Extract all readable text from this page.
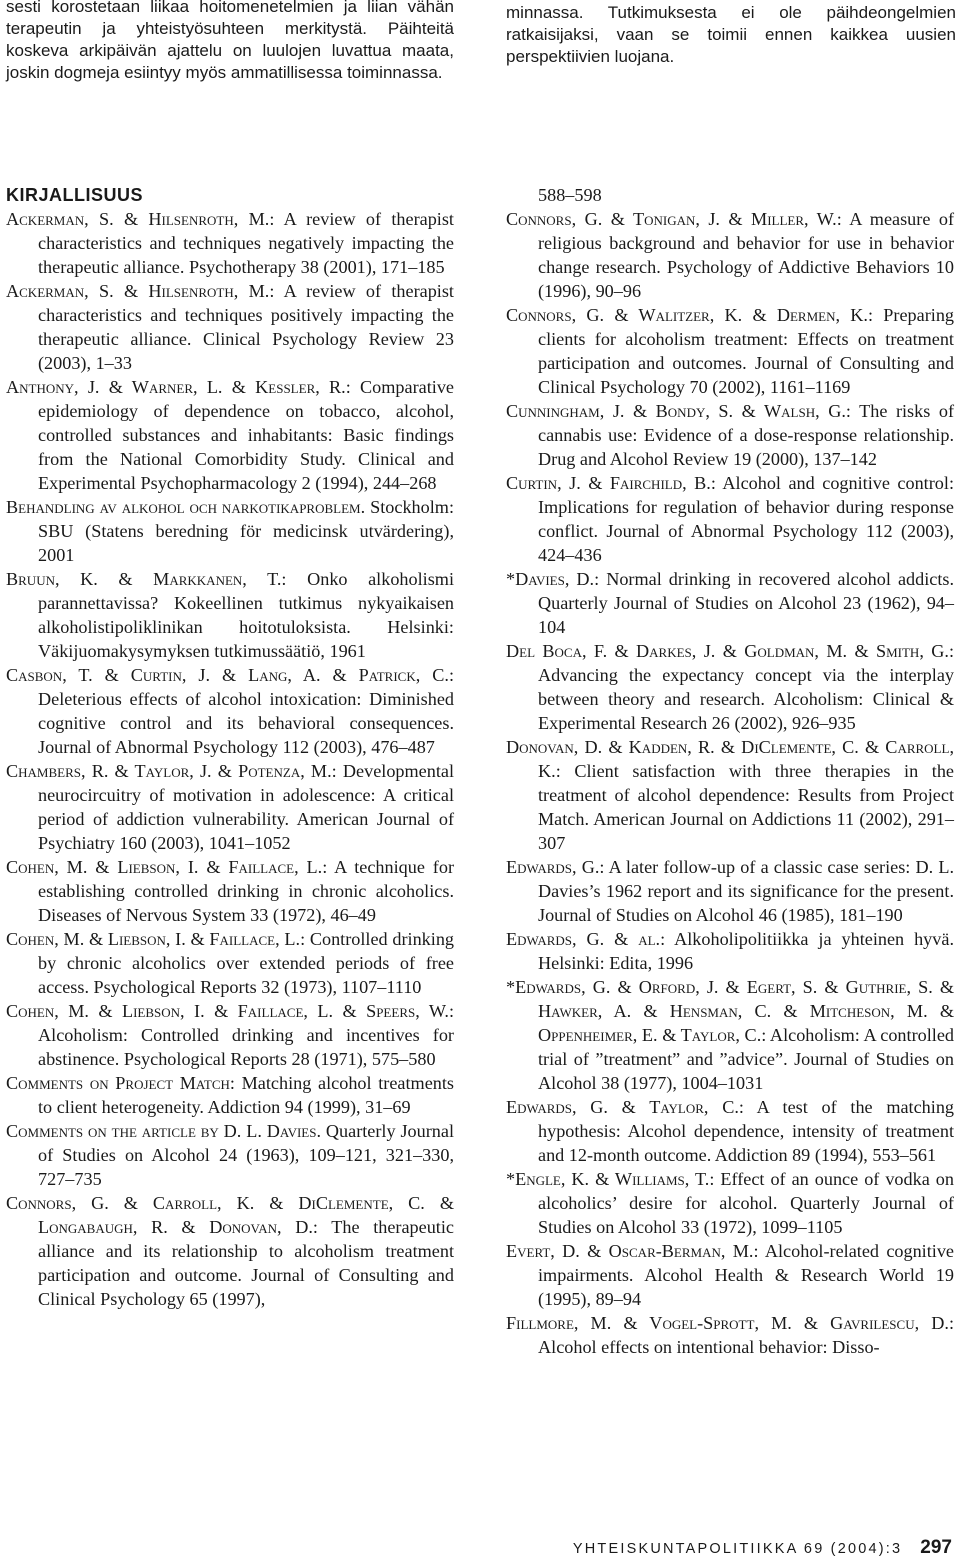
sesti korostetaan liikaa hoitomenetelmien ja liian vähän terapeutin ja yhteistyösuhteen merkitystä. Päihteitä koskeva arkipäivän ajattelu on luulojen luvattua maata, joskin dogmeja esiintyy myös ammatillisessa toiminnassa.

minnassa. Tutkimuksesta ei ole päihdeongelmien ratkaisijaksi, vaan se toimii ennen kaikkea uusien perspektiivien luojana.

KIRJALLISUUS

Ackerman, S. & Hilsenroth, M.: A review of therapist characteristics and techniques negatively impacting the therapeutic alliance. Psychotherapy 38 (2001), 171–185

Ackerman, S. & Hilsenroth, M.: A review of therapist characteristics and techniques positively impacting the therapeutic alliance. Clinical Psychology Review 23 (2003), 1–33

Anthony, J. & Warner, L. & Kessler, R.: Comparative epidemiology of dependence on tobacco, alcohol, controlled substances and inhabitants: Basic findings from the National Comorbidity Study. Clinical and Experimental Psychopharmacology 2 (1994), 244–268

Behandling av alkohol och narkotikaproblem. Stockholm: SBU (Statens beredning för medicinsk utvärdering), 2001

Bruun, K. & Markkanen, T.: Onko alkoholismi parannettavissa? Kokeellinen tutkimus nykyaikaisen alkoholistipoliklinikan hoitotuloksista. Helsinki: Väkijuomakysymyksen tutkimussäätiö, 1961

Casbon, T. & Curtin, J. & Lang, A. & Patrick, C.: Deleterious effects of alcohol intoxication: Diminished cognitive control and its behavioral consequences. Journal of Abnormal Psychology 112 (2003), 476–487

Chambers, R. & Taylor, J. & Potenza, M.: Developmental neurocircuitry of motivation in adolescence: A critical period of addiction vulnerability. American Journal of Psychiatry 160 (2003), 1041–1052

Cohen, M. & Liebson, I. & Faillace, L.: A technique for establishing controlled drinking in chronic alcoholics. Diseases of Nervous System 33 (1972), 46–49

Cohen, M. & Liebson, I. & Faillace, L.: Controlled drinking by chronic alcoholics over extended periods of free access. Psychological Reports 32 (1973), 1107–1110

Cohen, M. & Liebson, I. & Faillace, L. & Speers, W.: Alcoholism: Controlled drinking and incentives for abstinence. Psychological Reports 28 (1971), 575–580

Comments on Project Match: Matching alcohol treatments to client heterogeneity. Addiction 94 (1999), 31–69

Comments on the article by D. L. Davies. Quarterly Journal of Studies on Alcohol 24 (1963), 109–121, 321–330, 727–735

Connors, G. & Carroll, K. & DiClemente, C. & Longabaugh, R. & Donovan, D.: The therapeutic alliance and its relationship to alcoholism treatment participation and outcome. Journal of Consulting and Clinical Psychology 65 (1997),

588–598

Connors, G. & Tonigan, J. & Miller, W.: A measure of religious background and behavior for use in behavior change research. Psychology of Addictive Behaviors 10 (1996), 90–96

Connors, G. & Walitzer, K. & Dermen, K.: Preparing clients for alcoholism treatment: Effects on treatment participation and outcomes. Journal of Consulting and Clinical Psychology 70 (2002), 1161–1169

Cunningham, J. & Bondy, S. & Walsh, G.: The risks of cannabis use: Evidence of a dose-response relationship. Drug and Alcohol Review 19 (2000), 137–142

Curtin, J. & Fairchild, B.: Alcohol and cognitive control: Implications for regulation of behavior during response conflict. Journal of Abnormal Psychology 112 (2003), 424–436

*Davies, D.: Normal drinking in recovered alcohol addicts. Quarterly Journal of Studies on Alcohol 23 (1962), 94–104

Del Boca, F. & Darkes, J. & Goldman, M. & Smith, G.: Advancing the expectancy concept via the interplay between theory and research. Alcoholism: Clinical & Experimental Research 26 (2002), 926–935

Donovan, D. & Kadden, R. & DiClemente, C. & Carroll, K.: Client satisfaction with three therapies in the treatment of alcohol dependence: Results from Project Match. American Journal on Addictions 11 (2002), 291–307

Edwards, G.: A later follow-up of a classic case series: D. L. Davies’s 1962 report and its significance for the present. Journal of Studies on Alcohol 46 (1985), 181–190

Edwards, G. & al.: Alkoholipolitiikka ja yhteinen hyvä. Helsinki: Edita, 1996

*Edwards, G. & Orford, J. & Egert, S. & Guthrie, S. & Hawker, A. & Hensman, C. & Mitcheson, M. & Oppenheimer, E. & Taylor, C.: Alcoholism: A controlled trial of ”treatment” and ”advice”. Journal of Studies on Alcohol 38 (1977), 1004–1031

Edwards, G. & Taylor, C.: A test of the matching hypothesis: Alcohol dependence, intensity of treatment and 12-month outcome. Addiction 89 (1994), 553–561

*Engle, K. & Williams, T.: Effect of an ounce of vodka on alcoholics’ desire for alcohol. Quarterly Journal of Studies on Alcohol 33 (1972), 1099–1105

Evert, D. & Oscar-Berman, M.: Alcohol-related cognitive impairments. Alcohol Health & Research World 19 (1995), 89–94

Fillmore, M. & Vogel-Sprott, M. & Gavrilescu, D.: Alcohol effects on intentional behavior: Disso-

YHTEISKUNTAPOLITIIKKA 69 (2004):3 297
